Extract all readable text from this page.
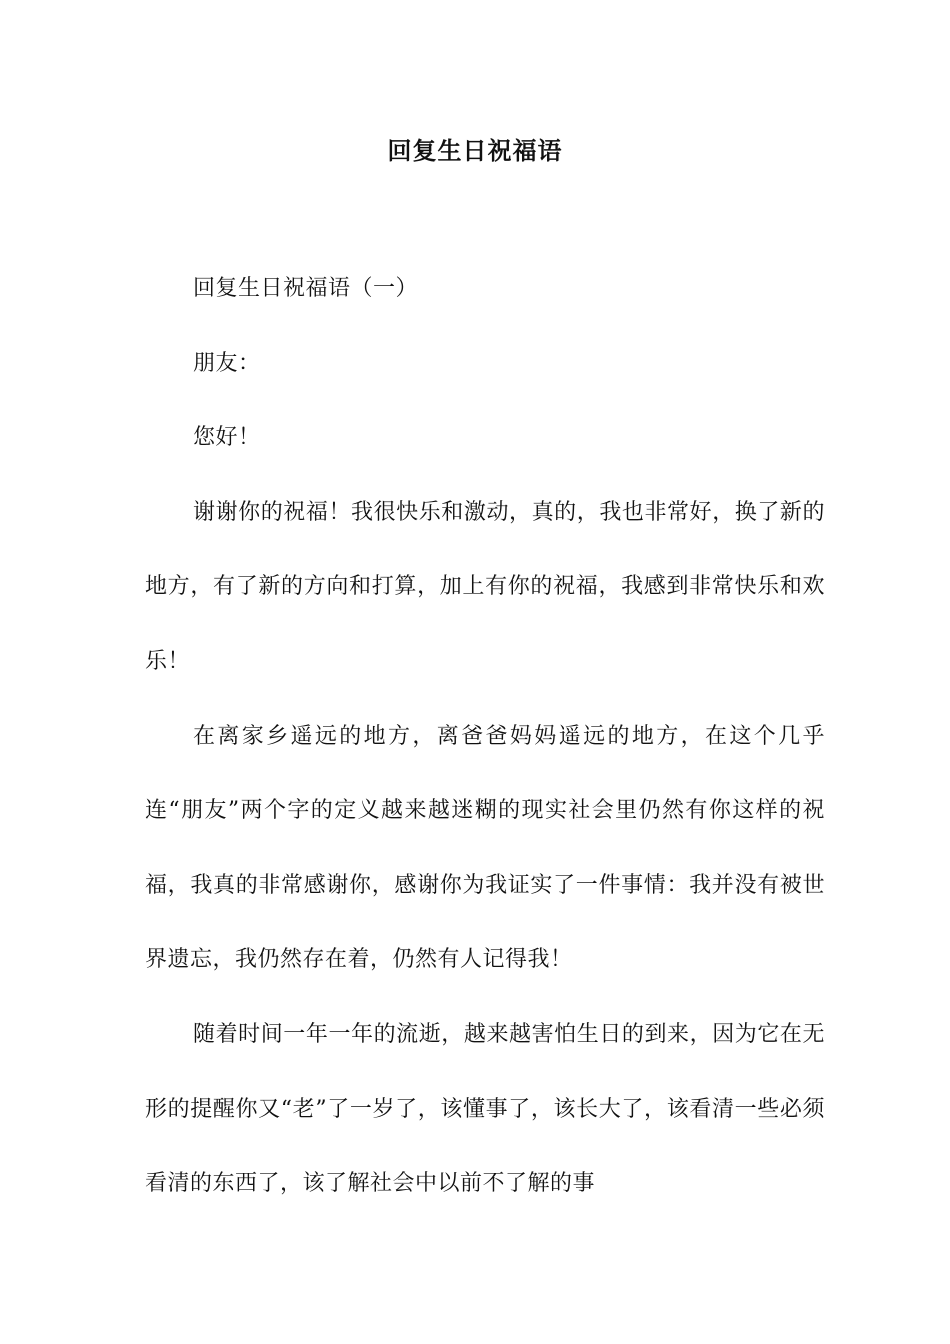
回复生日祝福语

回复生日祝福语（一）

朋友：

您好！

谢谢你的祝福！我很快乐和激动，真的，我也非常好，换了新的地方，有了新的方向和打算，加上有你的祝福，我感到非常快乐和欢乐！

在离家乡遥远的地方，离爸爸妈妈遥远的地方，在这个几乎连“朋友”两个字的定义越来越迷糊的现实社会里仍然有你这样的祝福，我真的非常感谢你，感谢你为我证实了一件事情：我并没有被世界遗忘，我仍然存在着，仍然有人记得我！

随着时间一年一年的流逝，越来越害怕生日的到来，因为它在无形的提醒你又“老”了一岁了，该懂事了，该长大了，该看清一些必须看清的东西了，该了解社会中以前不了解的事
